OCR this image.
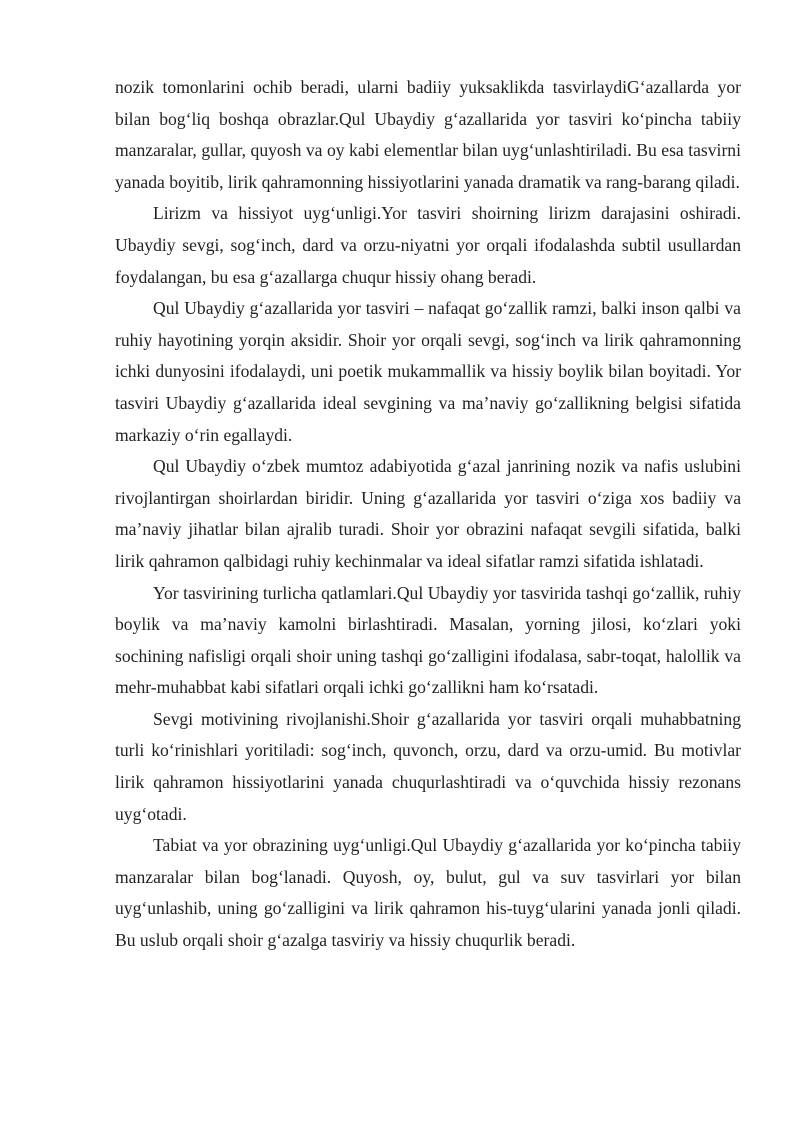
nozik tomonlarini ochib beradi, ularni badiiy yuksaklikda tasvirlaydiG‘azallarda yor bilan bog‘liq boshqa obrazlar.Qul Ubaydiy g‘azallarida yor tasviri ko‘pincha tabiiy manzaralar, gullar, quyosh va oy kabi elementlar bilan uyg‘unlashtiriladi. Bu esa tasvirni yanada boyitib, lirik qahramonning hissiyotlarini yanada dramatik va rang-barang qiladi.

Lirizm va hissiyot uyg‘unligi.Yor tasviri shoirning lirizm darajasini oshiradi. Ubaydiy sevgi, sog‘inch, dard va orzu-niyatni yor orqali ifodalashda subtil usullardan foydalangan, bu esa g‘azallarga chuqur hissiy ohang beradi.

Qul Ubaydiy g‘azallarida yor tasviri – nafaqat go‘zallik ramzi, balki inson qalbi va ruhiy hayotining yorqin aksidir. Shoir yor orqali sevgi, sog‘inch va lirik qahramonning ichki dunyosini ifodalaydi, uni poetik mukammallik va hissiy boylik bilan boyitadi. Yor tasviri Ubaydiy g‘azallarida ideal sevgining va ma’naviy go‘zallikning belgisi sifatida markaziy o‘rin egallaydi.

Qul Ubaydiy o‘zbek mumtoz adabiyotida g‘azal janrining nozik va nafis uslubini rivojlantirgan shoirlardan biridir. Uning g‘azallarida yor tasviri o‘ziga xos badiiy va ma’naviy jihatlar bilan ajralib turadi. Shoir yor obrazini nafaqat sevgili sifatida, balki lirik qahramon qalbidagi ruhiy kechinmalar va ideal sifatlar ramzi sifatida ishlatadi.

Yor tasvirining turlicha qatlamlari.Qul Ubaydiy yor tasvirida tashqi go‘zallik, ruhiy boylik va ma’naviy kamolni birlashtiradi. Masalan, yorning jilosi, ko‘zlari yoki sochining nafisligi orqali shoir uning tashqi go‘zalligini ifodalasa, sabr-toqat, halollik va mehr-muhabbat kabi sifatlari orqali ichki go‘zallikni ham ko‘rsatadi.

Sevgi motivining rivojlanishi.Shoir g‘azallarida yor tasviri orqali muhabbatning turli ko‘rinishlari yoritiladi: sog‘inch, quvonch, orzu, dard va orzu-umid. Bu motivlar lirik qahramon hissiyotlarini yanada chuqurlashtiradi va o‘quvchida hissiy rezonans uyg‘otadi.

Tabiat va yor obrazining uyg‘unligi.Qul Ubaydiy g‘azallarida yor ko‘pincha tabiiy manzaralar bilan bog‘lanadi. Quyosh, oy, bulut, gul va suv tasvirlari yor bilan uyg‘unlashib, uning go‘zalligini va lirik qahramon his-tuyg‘ularini yanada jonli qiladi. Bu uslub orqali shoir g‘azalga tasviriy va hissiy chuqurlik beradi.
